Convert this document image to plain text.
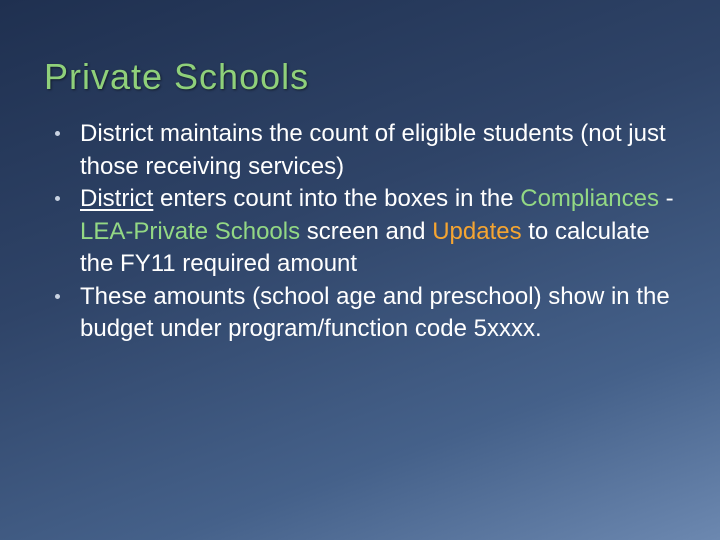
Private Schools
District maintains the count of eligible students (not just those receiving services)
District enters count into the boxes in the Compliances - LEA-Private Schools screen and Updates to calculate the FY11 required amount
These amounts (school age and preschool) show in the budget under program/function code 5xxxx.
